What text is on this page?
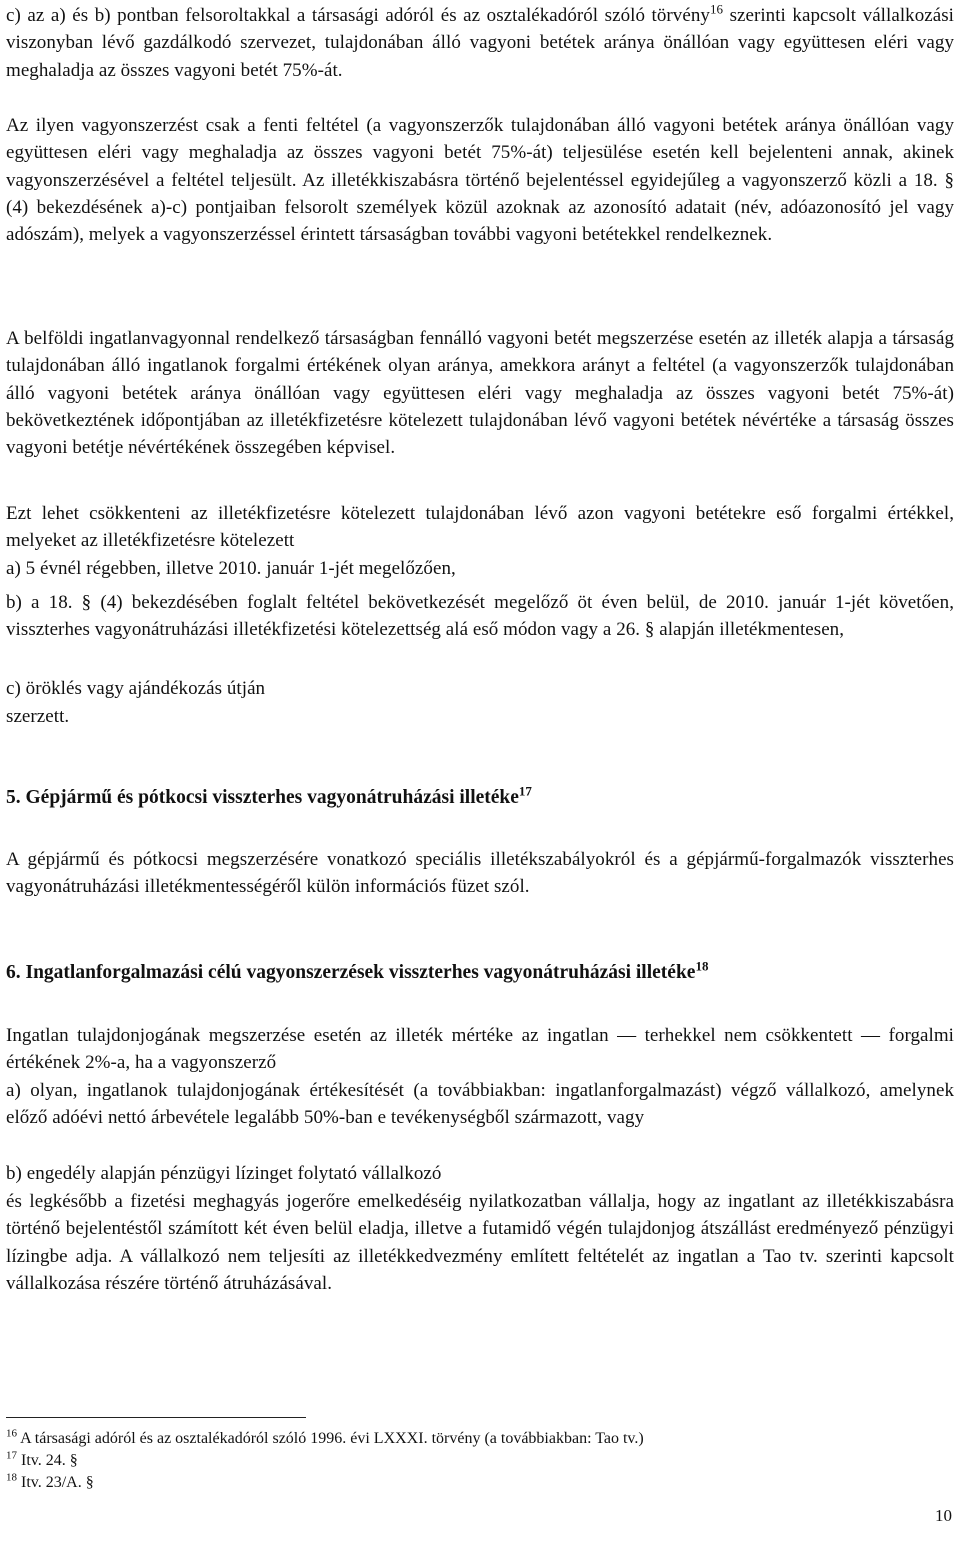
c) az a) és b) pontban felsoroltakkal a társasági adóról és az osztalékadóról szóló törvény$^{16}$ szerinti kapcsolt vállalkozási viszonyban lévő gazdálkodó szervezet, tulajdonában álló vagyoni betétek aránya önállóan vagy együttesen eléri vagy meghaladja az összes vagyoni betét 75%-át.

Az ilyen vagyonszerzést csak a fenti feltétel (a vagyonszerzők tulajdonában álló vagyoni betétek aránya önállóan vagy együttesen eléri vagy meghaladja az összes vagyoni betét 75%-át) teljesülése esetén kell bejelenteni annak, akinek vagyonszerzésével a feltétel teljesült. Az illetékkiszabásra történő bejelentéssel egyidejűleg a vagyonszerző közli a 18. § (4) bekezdésének a)-c) pontjaiban felsorolt személyek közül azoknak az azonosító adatait (név, adóazonosító jel vagy adószám), melyek a vagyonszerzéssel érintett társaságban további vagyoni betétekkel rendelkeznek.

A belföldi ingatlanvagyonnal rendelkező társaságban fennálló vagyoni betét megszerzése esetén az illeték alapja a társaság tulajdonában álló ingatlanok forgalmi értékének olyan aránya, amekkora arányt a feltétel (a vagyonszerzők tulajdonában álló vagyoni betétek aránya önállóan vagy együttesen eléri vagy meghaladja az összes vagyoni betét 75%-át) bekövetkeztének időpontjában az illetékfizetésre kötelezett tulajdonában lévő vagyoni betétek névértéke a társaság összes vagyoni betétje névértékének összegében képvisel.

Ezt lehet csökkenteni az illetékfizetésre kötelezett tulajdonában lévő azon vagyoni betétekre eső forgalmi értékkel, melyeket az illetékfizetésre kötelezett

a) 5 évnél régebben, illetve 2010. január 1-jét megelőzően,

b) a 18. § (4) bekezdésében foglalt feltétel bekövetkezését megelőző öt éven belül, de 2010. január 1-jét követően, visszterhes vagyonátruházási illetékfizetési kötelezettség alá eső módon vagy a 26. § alapján illetékmentesen,

c) öröklés vagy ajándékozás útján

szerzett.

5. Gépjármű és pótkocsi visszterhes vagyonátruházási illetéke$^{17}$

A gépjármű és pótkocsi megszerzésére vonatkozó speciális illetékszabályokról és a gépjármű-forgalmazók visszterhes vagyonátruházási illetékmentességéről külön információs füzet szól.

6. Ingatlanforgalmazási célú vagyonszerzések visszterhes vagyonátruházási illetéke$^{18}$

Ingatlan tulajdonjogának megszerzése esetén az illeték mértéke az ingatlan — terhekkel nem csökkentett — forgalmi értékének 2%-a, ha a vagyonszerző

a) olyan, ingatlanok tulajdonjogának értékesítését (a továbbiakban: ingatlanforgalmazást) végző vállalkozó, amelynek előző adóévi nettó árbevétele legalább 50%-ban e tevékenységből származott, vagy

b) engedély alapján pénzügyi lízinget folytató vállalkozó

és legkésőbb a fizetési meghagyás jogerőre emelkedéséig nyilatkozatban vállalja, hogy az ingatlant az illetékkiszabásra történő bejelentéstől számított két éven belül eladja, illetve a futamidő végén tulajdonjog átszállást eredményező pénzügyi lízingbe adja. A vállalkozó nem teljesíti az illetékkedvezmény említett feltételét az ingatlan a Tao tv. szerinti kapcsolt vállalkozása részére történő átruházásával.

$^{16}$ A társasági adóról és az osztalékadóról szóló 1996. évi LXXXI. törvény (a továbbiakban: Tao tv.)

$^{17}$ Itv. 24. §

$^{18}$ Itv. 23/A. §

10
